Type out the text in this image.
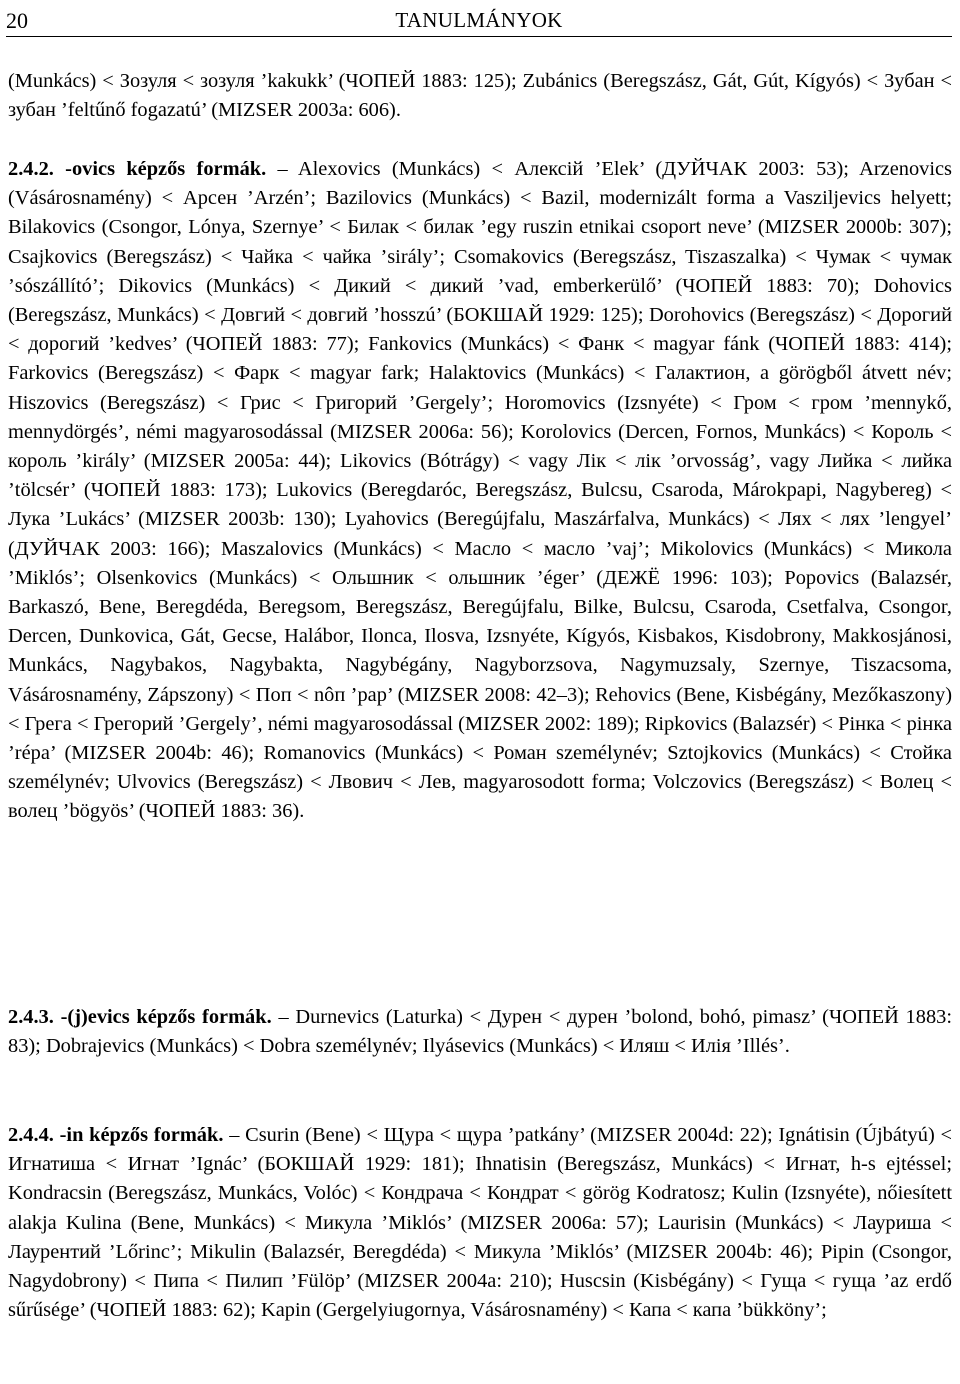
20	TANULMÁNYOK

(Munkács) < Зозуля < зозуля ’kakukk’ (ЧОПЕЙ 1883: 125); Zubánics (Beregszász, Gát, Gút, Kígyós) < Зубан < зубан ’feltűnő fogazatú’ (MIZSER 2003a: 606).

2.4.2. -ovics képzős formák. – Alexovics (Munkács) < Алексій ’Elek’ (ДУЙЧАК 2003: 53); Arzenovics (Vásárosnamény) < Арсен ’Arzén’; Bazilovics (Munkács) < Bazil, modernizált forma a Vasziljevics helyett; Bilakovics (Csongor, Lónya, Szernye’ < Билак < билак ’egy ruszin etnikai csoport neve’ (MIZSER 2000b: 307); Csajkovics (Beregszász) < Чайка < чайка ’sirály’; Csomakovics (Beregszász, Tiszaszalka) < Чумак < чумак ’sószállító’; Dikovics (Munkács) < Дикий < дикий ’vad, emberkerülő’ (ЧОПЕЙ 1883: 70); Dohovics (Beregszász, Munkács) < Довгий < довгий ’hosszú’ (БОКШАЙ 1929: 125); Dorohovics (Beregszász) < Дорогий < дорогий ’kedves’ (ЧОПЕЙ 1883: 77); Fankovics (Munkács) < Фанк < magyar fánk (ЧОПЕЙ 1883: 414); Farkovics (Beregszász) < Фарк < magyar fark; Halaktovics (Munkács) < Галактион, a görögből átvett név; Hiszovics (Beregszász) < Грис < Григорий ’Gergely’; Horomovics (Izsnyéte) < Гром < гром ’mennykő, mennydörgés’, némi magyarosodással (MIZSER 2006a: 56); Korolovics (Dercen, Fornos, Munkács) < Король < король ’király’ (MIZSER 2005a: 44); Likovics (Bótrágy) < vagy Лік < лік ’orvosság’, vagy Лийка < лийка ’tölcsér’ (ЧОПЕЙ 1883: 173); Lukovics (Beregdaróc, Beregszász, Bulcsu, Csaroda, Márokpapi, Nagybereg) < Лука ’Lukács’ (MIZSER 2003b: 130); Lyahovics (Beregújfalu, Maszárfalva, Munkács) < Лях < лях ’lengyel’ (ДУЙЧАК 2003: 166); Maszalovics (Munkács) < Масло < масло ’vaj’; Mikolovics (Munkács) < Микола ’Miklós’; Olsenkovics (Munkács) < Ольшник < ольшник ’éger’ (ДЕЖЁ 1996: 103); Popovics (Balazsér, Barkaszó, Bene, Beregdéda, Beregsom, Beregszász, Beregújfalu, Bilke, Bulcsu, Csaroda, Csetfalva, Csongor, Dercen, Dunkovica, Gát, Gecse, Halábor, Ilonca, Ilosva, Izsnyéte, Kígyós, Kisbakos, Kisdobrony, Makkosjánosi, Munkács, Nagybakos, Nagybakta, Nagybégány, Nagyborzsova, Nagymuzsaly, Szernye, Tiszacsoma, Vásárosnamény, Zápszony) < Поп < nôп ’pap’ (MIZSER 2008: 42–3); Rehovics (Bene, Kisbégány, Mezőkaszony) < Грега < Грегорий ’Gergely’, némi magyarosodással (MIZSER 2002: 189); Ripkovics (Balazsér) < Рінка < рінка ’répa’ (MIZSER 2004b: 46); Romanovics (Munkács) < Роман személynév; Sztojkovics (Munkács) < Стойка személynév; Ulvovics (Beregszász) < Лвович < Лев, magyarosodott forma; Volczovics (Beregszász) < Волец < волец ’bögyös’ (ЧОПЕЙ 1883: 36).

2.4.3. -(j)evics képzős formák. – Durnevics (Laturka) < Дурен < дурен ’bolond, bohó, pimasz’ (ЧОПЕЙ 1883: 83); Dobrajevics (Munkács) < Dobra személynév; Ilyásevics (Munkács) < Иляш < Илія ’Illés’.

2.4.4. -in képzős formák. – Csurin (Bene) < Щура < щура ’patkány’ (MIZSER 2004d: 22); Ignátisin (Újbátyú) < Игнатиша < Игнат ’Ignác’ (БОКШАЙ 1929: 181); Ihnatisin (Beregszász, Munkács) < Игнат, h-s ejtéssel; Kondracsin (Beregszász, Munkács, Volóc) < Кондрача < Кондрат < görög Kodratosz; Kulin (Izsnyéte), nőiesített alakja Kulina (Bene, Munkács) < Микула ’Miklós’ (MIZSER 2006a: 57); Laurisin (Munkács) < Лауриша < Лаурентий ’Lőrinc’; Mikulin (Balazsér, Beregdéda) < Микула ’Miklós’ (MIZSER 2004b: 46); Pipin (Csongor, Nagydobrony) < Пипа < Пилип ’Fülöp’ (MIZSER 2004a: 210); Huscsin (Kisbégány) < Гуща < гуща ’az erdő sűrűsége’ (ЧОПЕЙ 1883: 62); Kapin (Gergelyiugornya, Vásárosnamény) < Капа < капа ’bükköny’;
